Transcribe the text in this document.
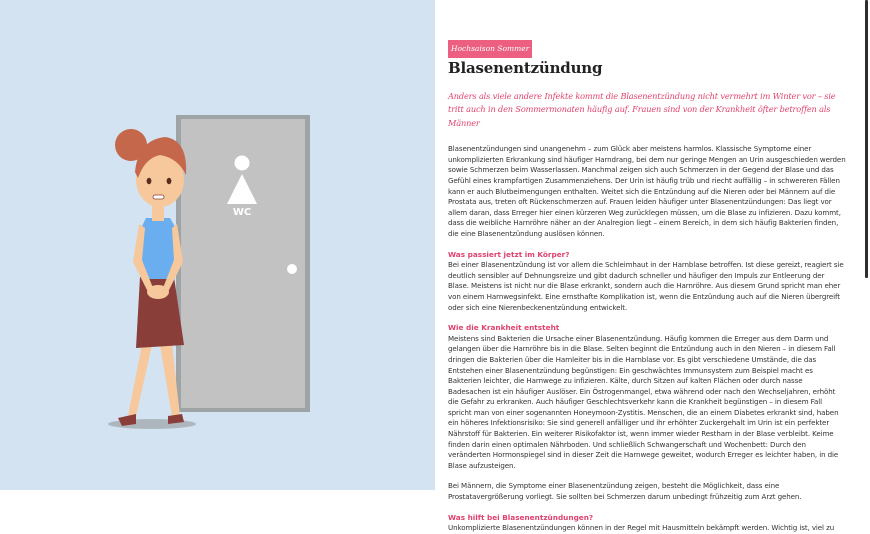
WC
Hochsaison Sommer
Blasenentzündung

Anders als viele andere Infekte kommt die Blasenentzündung nicht vermehrt im Winter vor – sie tritt auch in den Sommermonaten häufig auf. Frauen sind von der Krankheit öfter betroffen als Männer

Blasenentzündungen sind unangenehm – zum Glück aber meistens harmlos. Klassische Symptome einer unkomplizierten Erkrankung sind häufiger Harndrang, bei dem nur geringe Mengen an Urin ausgeschieden werden sowie Schmerzen beim Wasserlassen. Manchmal zeigen sich auch Schmerzen in der Gegend der Blase und das Gefühl eines krampfartigen Zusammenziehens. Der Urin ist häufig trüb und riecht auffällig – in schwereren Fällen kann er auch Blutbeimengungen enthalten. Weitet sich die Entzündung auf die Nieren oder bei Männern auf die Prostata aus, treten oft Rückenschmerzen auf. Frauen leiden häufiger unter Blasenentzündungen: Das liegt vor allem daran, dass Erreger hier einen kürzeren Weg zurücklegen müssen, um die Blase zu infizieren. Dazu kommt, dass die weibliche Harnröhre näher an der Analregion liegt – einem Bereich, in dem sich häufig Bakterien finden, die eine Blasenentzündung auslösen können.

Was passiert jetzt im Körper?

Bei einer Blasenentzündung ist vor allem die Schleimhaut in der Harnblase betroffen. Ist diese gereizt, reagiert sie deutlich sensibler auf Dehnungsreize und gibt dadurch schneller und häufiger den Impuls zur Entleerung der Blase. Meistens ist nicht nur die Blase erkrankt, sondern auch die Harnröhre. Aus diesem Grund spricht man eher von einem Harnwegsinfekt. Eine ernsthafte Komplikation ist, wenn die Entzündung auch auf die Nieren übergreift oder sich eine Nierenbeckenentzündung entwickelt.

Wie die Krankheit entsteht

Meistens sind Bakterien die Ursache einer Blasenentzündung. Häufig kommen die Erreger aus dem Darm und gelangen über die Harnröhre bis in die Blase. Selten beginnt die Entzündung auch in den Nieren – in diesem Fall dringen die Bakterien über die Harnleiter bis in die Harnblase vor. Es gibt verschiedene Umstände, die das Entstehen einer Blasenentzündung begünstigen: Ein geschwächtes Immunsystem zum Beispiel macht es Bakterien leichter, die Harnwege zu infizieren. Kälte, durch Sitzen auf kalten Flächen oder durch nasse Badesachen ist ein häufiger Auslöser. Ein Östrogenmangel, etwa während oder nach den Wechseljahren, erhöht die Gefahr zu erkranken. Auch häufiger Geschlechtsverkehr kann die Krankheit begünstigen – in diesem Fall spricht man von einer sogenannten Honeymoon-Zystitis. Menschen, die an einem Diabetes erkrankt sind, haben ein höheres Infektionsrisiko: Sie sind generell anfälliger und ihr erhöhter Zuckergehalt im Urin ist ein perfekter Nährstoff für Bakterien. Ein weiterer Risikofaktor ist, wenn immer wieder Restharn in der Blase verbleibt. Keime finden darin einen optimalen Nährboden. Und schließlich Schwangerschaft und Wochenbett: Durch den veränderten Hormonspiegel sind in dieser Zeit die Harnwege geweitet, wodurch Erreger es leichter haben, in die Blase aufzusteigen.

Bei Männern, die Symptome einer Blasenentzündung zeigen, besteht die Möglichkeit, dass eine Prostatavergrößerung vorliegt. Sie sollten bei Schmerzen darum unbedingt frühzeitig zum Arzt gehen.

Was hilft bei Blasenentzündungen?

Unkomplizierte Blasenentzündungen können in der Regel mit Hausmitteln bekämpft werden. Wichtig ist, viel zu
